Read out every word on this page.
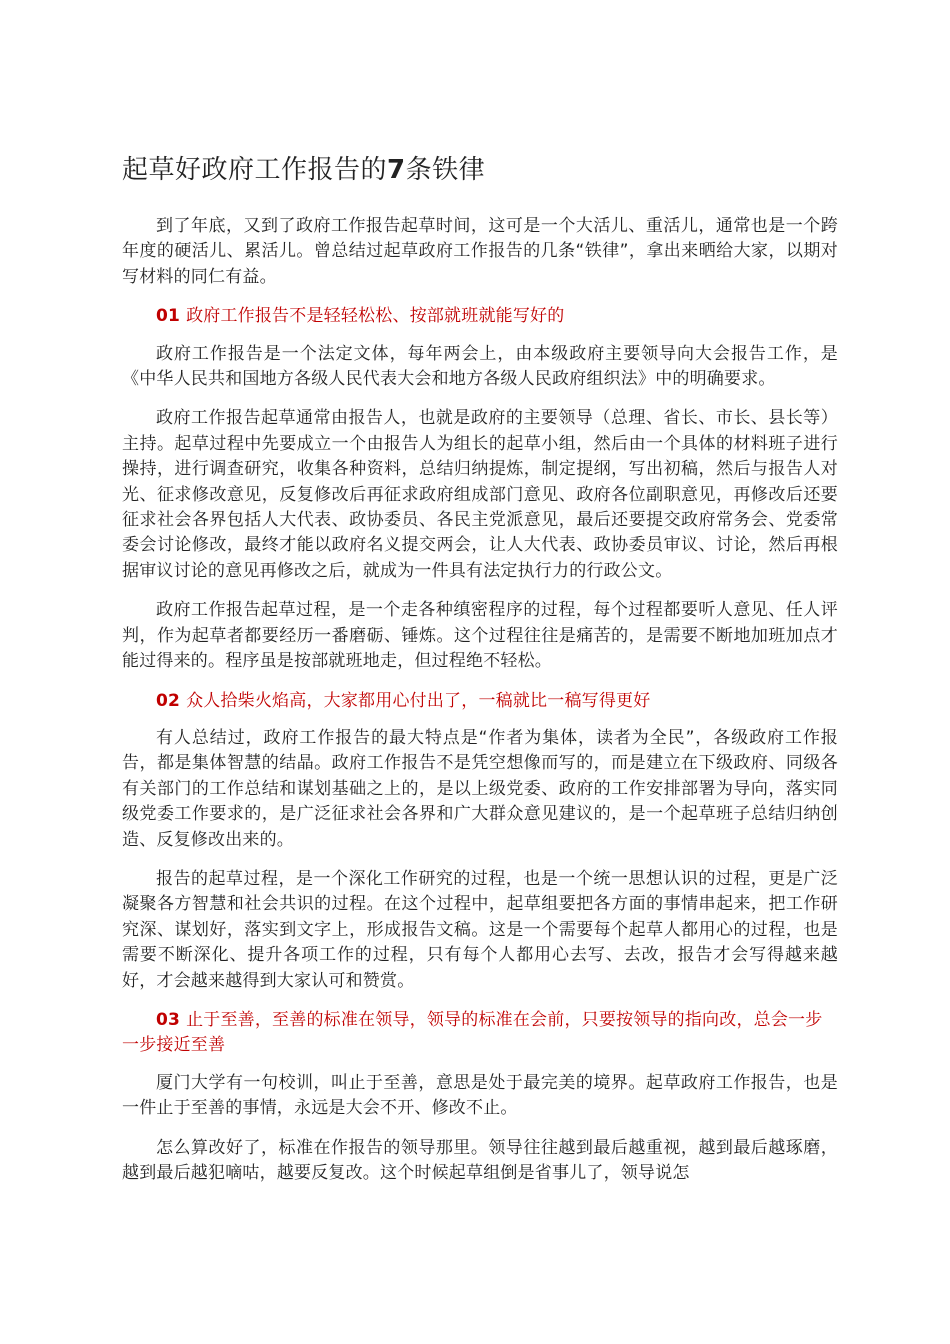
起草好政府工作报告的7条铁律

到了年底，又到了政府工作报告起草时间，这可是一个大活儿、重活儿，通常也是一个跨年度的硬活儿、累活儿。曾总结过起草政府工作报告的几条“铁律”，拿出来晒给大家，以期对写材料的同仁有益。

01 政府工作报告不是轻轻松松、按部就班就能写好的

政府工作报告是一个法定文体，每年两会上，由本级政府主要领导向大会报告工作，是《中华人民共和国地方各级人民代表大会和地方各级人民政府组织法》中的明确要求。

政府工作报告起草通常由报告人，也就是政府的主要领导（总理、省长、市长、县长等）主持。起草过程中先要成立一个由报告人为组长的起草小组，然后由一个具体的材料班子进行操持，进行调查研究，收集各种资料，总结归纳提炼，制定提纲，写出初稿，然后与报告人对光、征求修改意见，反复修改后再征求政府组成部门意见、政府各位副职意见，再修改后还要征求社会各界包括人大代表、政协委员、各民主党派意见，最后还要提交政府常务会、党委常委会讨论修改，最终才能以政府名义提交两会，让人大代表、政协委员审议、讨论，然后再根据审议讨论的意见再修改之后，就成为一件具有法定执行力的行政公文。

政府工作报告起草过程，是一个走各种缜密程序的过程，每个过程都要听人意见、任人评判，作为起草者都要经历一番磨砺、锤炼。这个过程往往是痛苦的，是需要不断地加班加点才能过得来的。程序虽是按部就班地走，但过程绝不轻松。

02 众人拾柴火焰高，大家都用心付出了，一稿就比一稿写得更好

有人总结过，政府工作报告的最大特点是“作者为集体，读者为全民”，各级政府工作报告，都是集体智慧的结晶。政府工作报告不是凭空想像而写的，而是建立在下级政府、同级各有关部门的工作总结和谋划基础之上的，是以上级党委、政府的工作安排部署为导向，落实同级党委工作要求的，是广泛征求社会各界和广大群众意见建议的，是一个起草班子总结归纳创造、反复修改出来的。

报告的起草过程，是一个深化工作研究的过程，也是一个统一思想认识的过程，更是广泛凝聚各方智慧和社会共识的过程。在这个过程中，起草组要把各方面的事情串起来，把工作研究深、谋划好，落实到文字上，形成报告文稿。这是一个需要每个起草人都用心的过程，也是需要不断深化、提升各项工作的过程，只有每个人都用心去写、去改，报告才会写得越来越好，才会越来越得到大家认可和赞赏。

03 止于至善，至善的标准在领导，领导的标准在会前，只要按领导的指向改，总会一步一步接近至善

厦门大学有一句校训，叫止于至善，意思是处于最完美的境界。起草政府工作报告，也是一件止于至善的事情，永远是大会不开、修改不止。

怎么算改好了，标准在作报告的领导那里。领导往往越到最后越重视，越到最后越琢磨，越到最后越犯嘀咕，越要反复改。这个时候起草组倒是省事儿了，领导说怎
